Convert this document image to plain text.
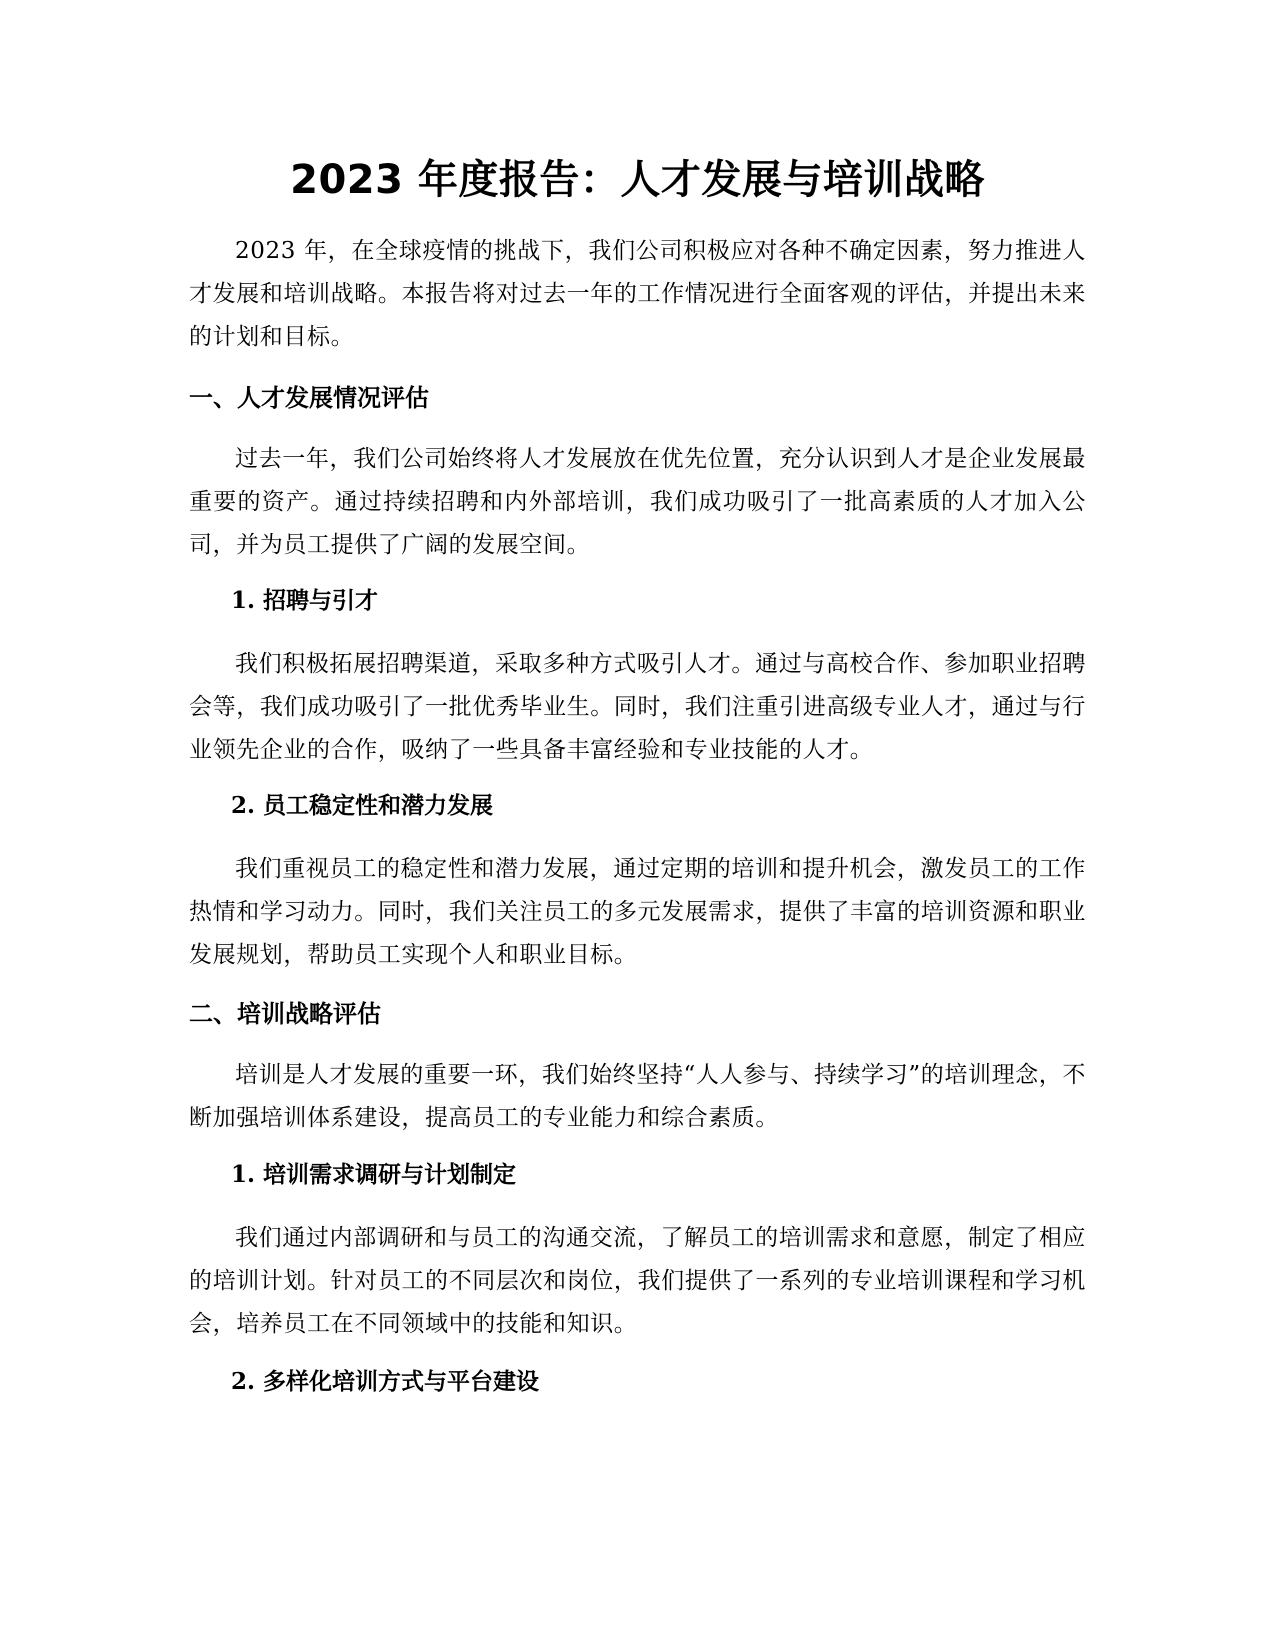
2023 年度报告：人才发展与培训战略

2023 年，在全球疫情的挑战下，我们公司积极应对各种不确定因素，努力推进人才发展和培训战略。本报告将对过去一年的工作情况进行全面客观的评估，并提出未来的计划和目标。

一、人才发展情况评估

过去一年，我们公司始终将人才发展放在优先位置，充分认识到人才是企业发展最重要的资产。通过持续招聘和内外部培训，我们成功吸引了一批高素质的人才加入公司，并为员工提供了广阔的发展空间。

1. 招聘与引才

我们积极拓展招聘渠道，采取多种方式吸引人才。通过与高校合作、参加职业招聘会等，我们成功吸引了一批优秀毕业生。同时，我们注重引进高级专业人才，通过与行业领先企业的合作，吸纳了一些具备丰富经验和专业技能的人才。

2. 员工稳定性和潜力发展

我们重视员工的稳定性和潜力发展，通过定期的培训和提升机会，激发员工的工作热情和学习动力。同时，我们关注员工的多元发展需求，提供了丰富的培训资源和职业发展规划，帮助员工实现个人和职业目标。

二、培训战略评估

培训是人才发展的重要一环，我们始终坚持“人人参与、持续学习”的培训理念，不断加强培训体系建设，提高员工的专业能力和综合素质。

1. 培训需求调研与计划制定

我们通过内部调研和与员工的沟通交流，了解员工的培训需求和意愿，制定了相应的培训计划。针对员工的不同层次和岗位，我们提供了一系列的专业培训课程和学习机会，培养员工在不同领域中的技能和知识。

2. 多样化培训方式与平台建设
